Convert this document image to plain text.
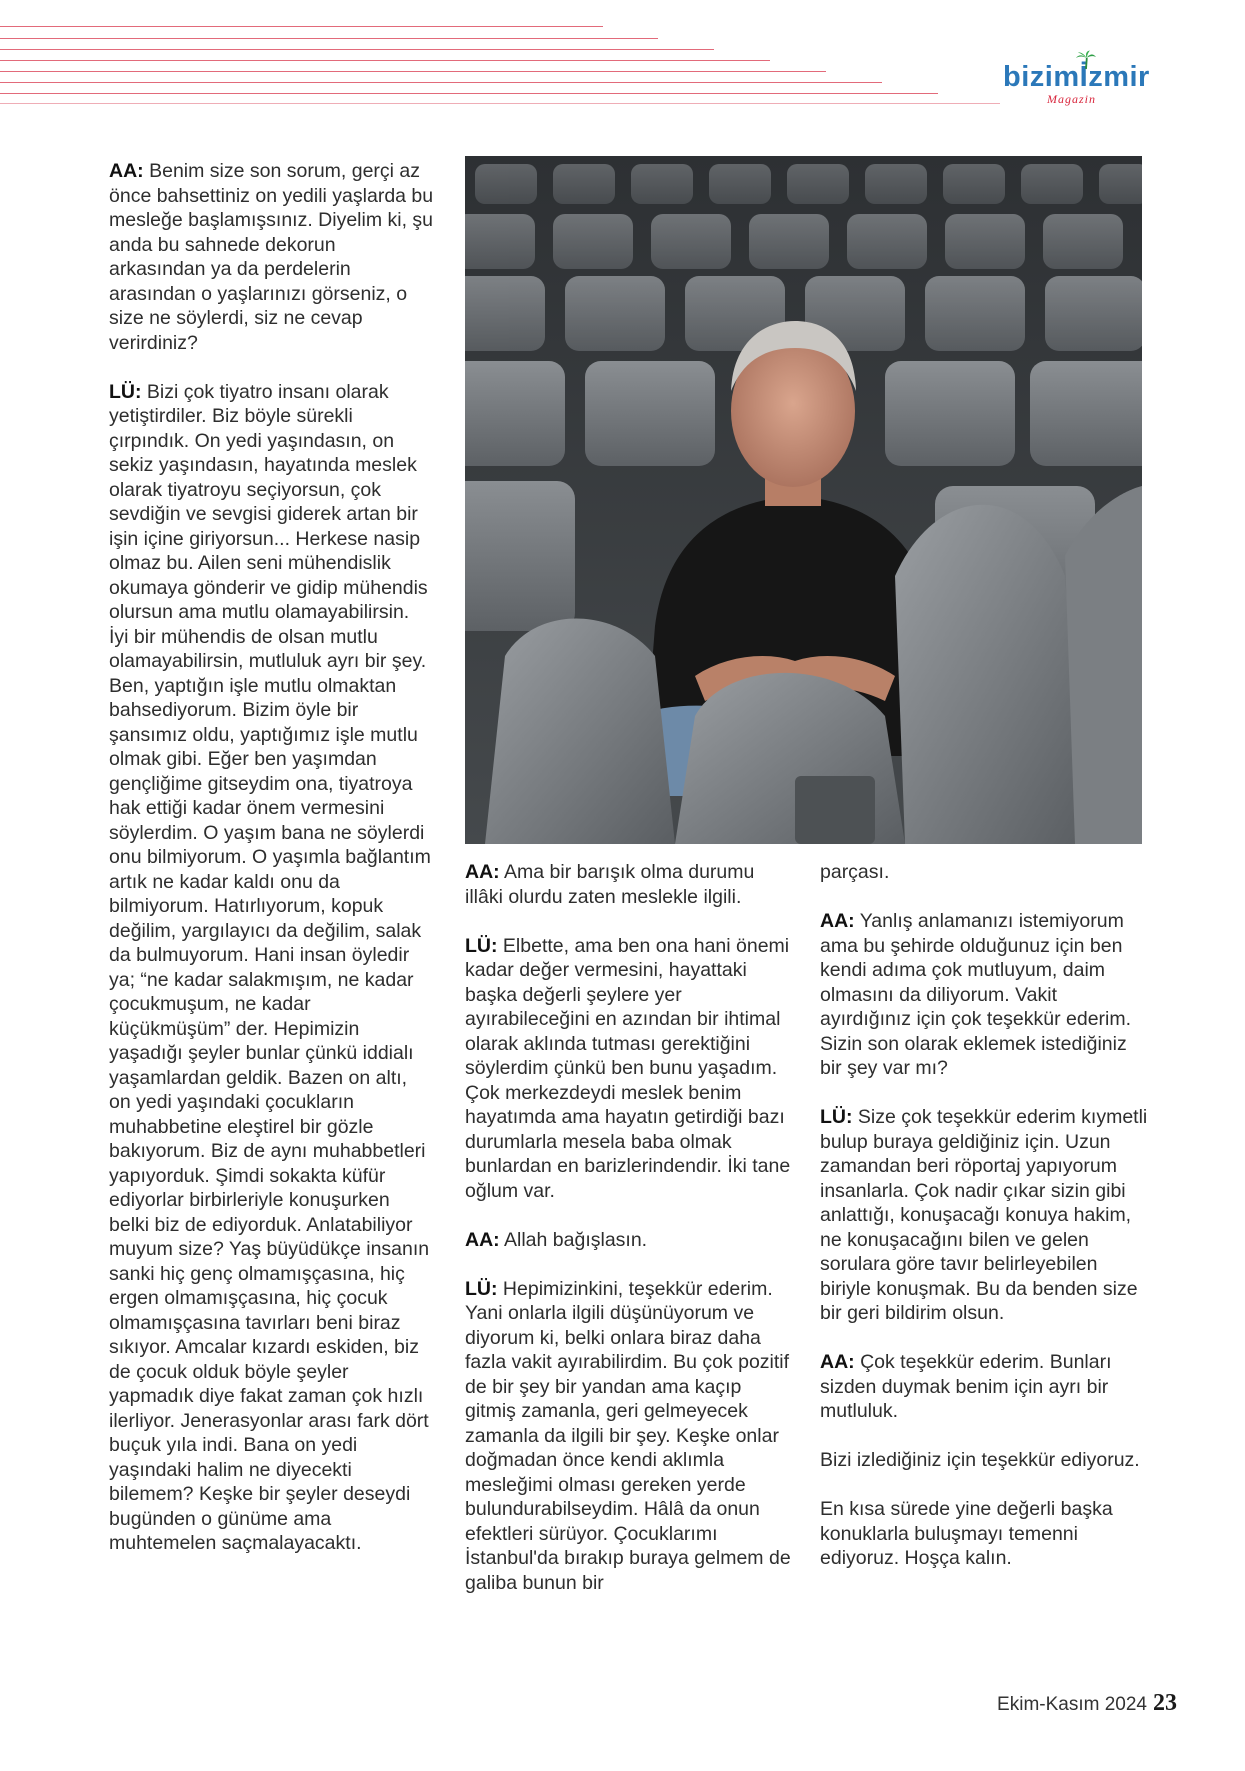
bizim
İzmir
Magazin

AA: Benim size son sorum, gerçi az önce bahsettiniz on yedili yaşlarda bu mesleğe başlamışsınız. Diyelim ki, şu anda bu sahnede dekorun arkasından ya da perdelerin arasından o yaşlarınızı görseniz, o size ne söylerdi, siz ne cevap verirdiniz?

LÜ: Bizi çok tiyatro insanı olarak yetiştirdiler. Biz böyle sürekli çırpındık. On yedi yaşındasın, on sekiz yaşındasın, hayatında meslek olarak tiyatroyu seçiyorsun, çok sevdiğin ve sevgisi giderek artan bir işin içine giriyorsun... Herkese nasip olmaz bu. Ailen seni mühendislik okumaya gönderir ve gidip mühendis olursun ama mutlu olamayabilirsin. İyi bir mühendis de olsan mutlu olamayabilirsin, mutluluk ayrı bir şey. Ben, yaptığın işle mutlu olmaktan bahsediyorum. Bizim öyle bir şansımız oldu, yaptığımız işle mutlu olmak gibi. Eğer ben yaşımdan gençliğime gitseydim ona, tiyatroya hak ettiği kadar önem vermesini söylerdim. O yaşım bana ne söylerdi onu bilmiyorum. O yaşımla bağlantım artık ne kadar kaldı onu da bilmiyorum. Hatırlıyorum, kopuk değilim, yargılayıcı da değilim, salak da bulmuyorum. Hani insan öyledir ya; “ne kadar salakmışım, ne kadar çocukmuşum, ne kadar küçükmüşüm” der. Hepimizin yaşadığı şeyler bunlar çünkü iddialı yaşamlardan geldik. Bazen on altı, on yedi yaşındaki çocukların muhabbetine eleştirel bir gözle bakıyorum. Biz de aynı muhabbetleri yapıyorduk. Şimdi sokakta küfür ediyorlar birbirleriyle konuşurken belki biz de ediyorduk. Anlatabiliyor muyum size? Yaş büyüdükçe insanın sanki hiç genç olmamışçasına, hiç ergen olmamışçasına, hiç çocuk olmamışçasına tavırları beni biraz sıkıyor. Amcalar kızardı eskiden, biz de çocuk olduk böyle şeyler yapmadık diye fakat zaman çok hızlı ilerliyor. Jenerasyonlar arası fark dört buçuk yıla indi. Bana on yedi yaşındaki halim ne diyecekti bilemem? Keşke bir şeyler deseydi bugünden o günüme ama muhtemelen saçmalayacaktı.

AA: Ama bir barışık olma durumu illâki olurdu zaten meslekle ilgili.

LÜ: Elbette, ama ben ona hani önemi kadar değer vermesini, hayattaki başka değerli şeylere yer ayırabileceğini en azından bir ihtimal olarak aklında tutması gerektiğini söylerdim çünkü ben bunu yaşadım. Çok merkezdeydi meslek benim hayatımda ama hayatın getirdiği bazı durumlarla mesela baba olmak bunlardan en barizlerindendir. İki tane oğlum var.

AA: Allah bağışlasın.

LÜ: Hepimizinkini, teşekkür ederim. Yani onlarla ilgili düşünüyorum ve diyorum ki, belki onlara biraz daha fazla vakit ayırabilirdim. Bu çok pozitif de bir şey bir yandan ama kaçıp gitmiş zamanla, geri gelmeyecek zamanla da ilgili bir şey. Keşke onlar doğmadan önce kendi aklımla mesleğimi olması gereken yerde bulundurabilseydim. Hâlâ da onun efektleri sürüyor. Çocuklarımı İstanbul'da bırakıp buraya gelmem de galiba bunun bir

parçası.

AA: Yanlış anlamanızı istemiyorum ama bu şehirde olduğunuz için ben kendi adıma çok mutluyum, daim olmasını da diliyorum. Vakit ayırdığınız için çok teşekkür ederim. Sizin son olarak eklemek istediğiniz bir şey var mı?

LÜ: Size çok teşekkür ederim kıymetli bulup buraya geldiğiniz için. Uzun zamandan beri röportaj yapıyorum insanlarla. Çok nadir çıkar sizin gibi anlattığı, konuşacağı konuya hakim, ne konuşacağını bilen ve gelen sorulara göre tavır belirleyebilen biriyle konuşmak. Bu da benden size bir geri bildirim olsun.

AA: Çok teşekkür ederim. Bunları sizden duymak benim için ayrı bir mutluluk.

Bizi izlediğiniz için teşekkür ediyoruz.

En kısa sürede yine değerli başka konuklarla buluşmayı temenni ediyoruz. Hoşça kalın.

Ekim-Kasım 2024 23
